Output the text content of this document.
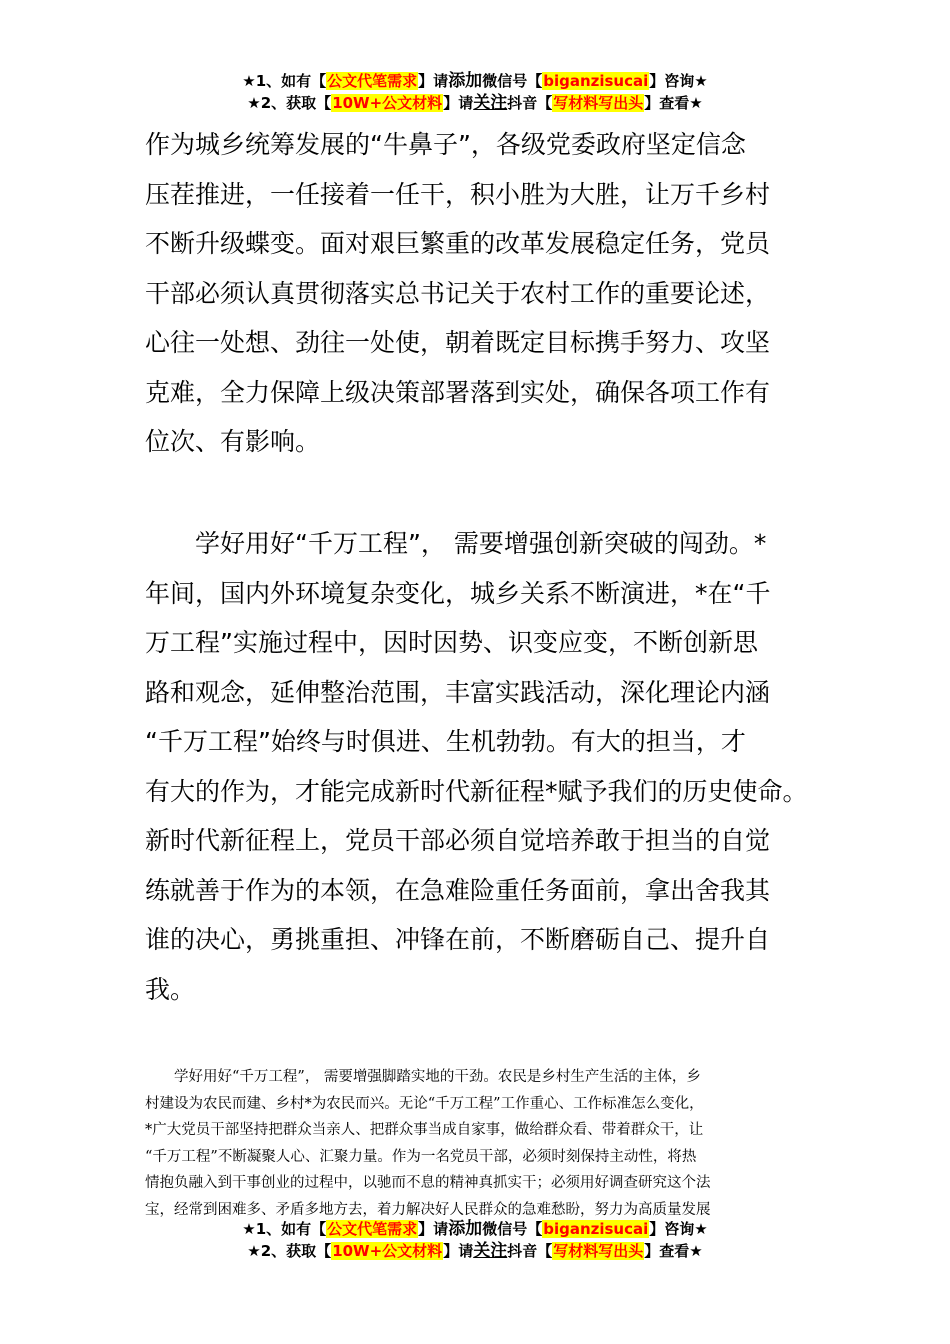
★1、如有【公文代笔需求】请添加微信号【biganzisucai】咨询★
★2、获取【10W+公文材料】请关注抖音【写材料写出头】查看★
作为城乡统筹发展的“牛鼻子”，各级党委政府坚定信念
压茬推进，一任接着一任干，积小胜为大胜，让万千乡村
不断升级蝶变。面对艰巨繁重的改革发展稳定任务，党员
干部必须认真贯彻落实总书记关于农村工作的重要论述，
心往一处想、劲往一处使，朝着既定目标携手努力、攻坚
克难，全力保障上级决策部署落到实处，确保各项工作有
位次、有影响。
　　学好用好“千万工程”， 需要增强创新突破的闯劲。*
年间，国内外环境复杂变化，城乡关系不断演进，*在“千
万工程”实施过程中，因时因势、识变应变，不断创新思
路和观念，延伸整治范围，丰富实践活动，深化理论内涵
“千万工程”始终与时俱进、生机勃勃。有大的担当，才
有大的作为，才能完成新时代新征程*赋予我们的历史使命。
新时代新征程上，党员干部必须自觉培养敢于担当的自觉
练就善于作为的本领，在急难险重任务面前，拿出舍我其
谁的决心，勇挑重担、冲锋在前，不断磨砺自己、提升自
我。
　　学好用好“千万工程”， 需要增强脚踏实地的干劲。农民是乡村生产生活的主体，乡
村建设为农民而建、乡村*为农民而兴。无论“千万工程”工作重心、工作标准怎么变化，
*广大党员干部坚持把群众当亲人、把群众事当成自家事，做给群众看、带着群众干，让
“千万工程”不断凝聚人心、汇聚力量。作为一名党员干部，必须时刻保持主动性，将热
情抱负融入到干事创业的过程中，以驰而不息的精神真抓实干；必须用好调查研究这个法
宝，经常到困难多、矛盾多地方去，着力解决好人民群众的急难愁盼，努力为高质量发展
★1、如有【公文代笔需求】请添加微信号【biganzisucai】咨询★
★2、获取【10W+公文材料】请关注抖音【写材料写出头】查看★
